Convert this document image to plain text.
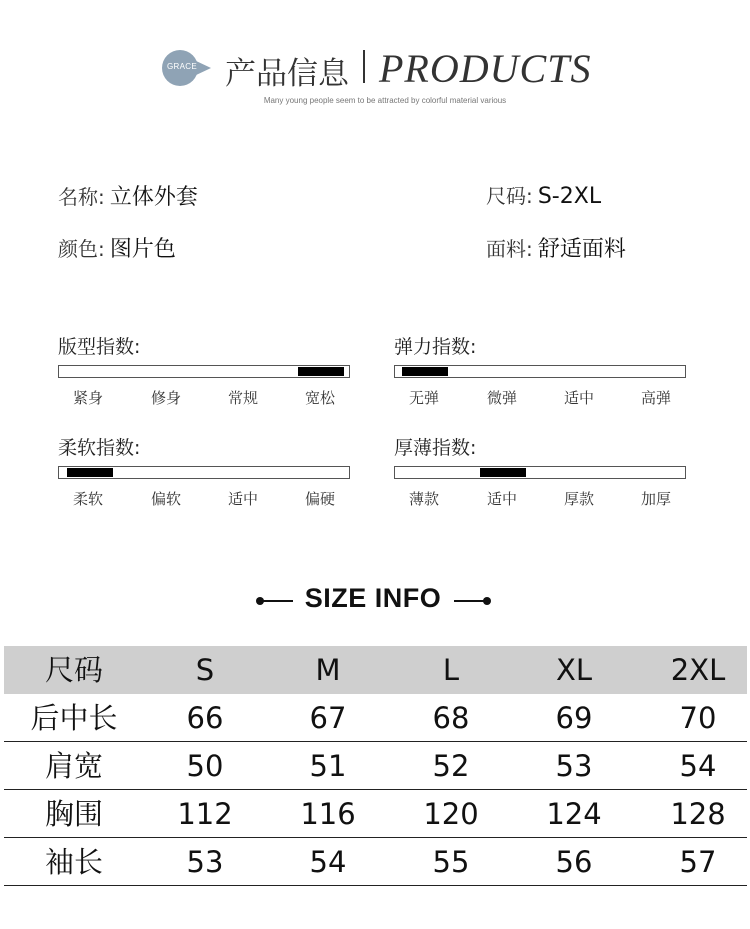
GRACE 产品信息 PRODUCTS
Many young people seem to be attracted by colorful material various
名称: 立体外套
颜色: 图片色
尺码: S-2XL
面料: 舒适面料
版型指数:
紧身	修身	常规	宽松
弹力指数:
无弹	微弹	适中	高弹
柔软指数:
柔软	偏软	适中	偏硬
厚薄指数:
薄款	适中	厚款	加厚
SIZE INFO
尺码	S	M	L	XL	2XL
后中长	66	67	68	69	70
肩宽	50	51	52	53	54
胸围	112	116	120	124	128
袖长	53	54	55	56	57
